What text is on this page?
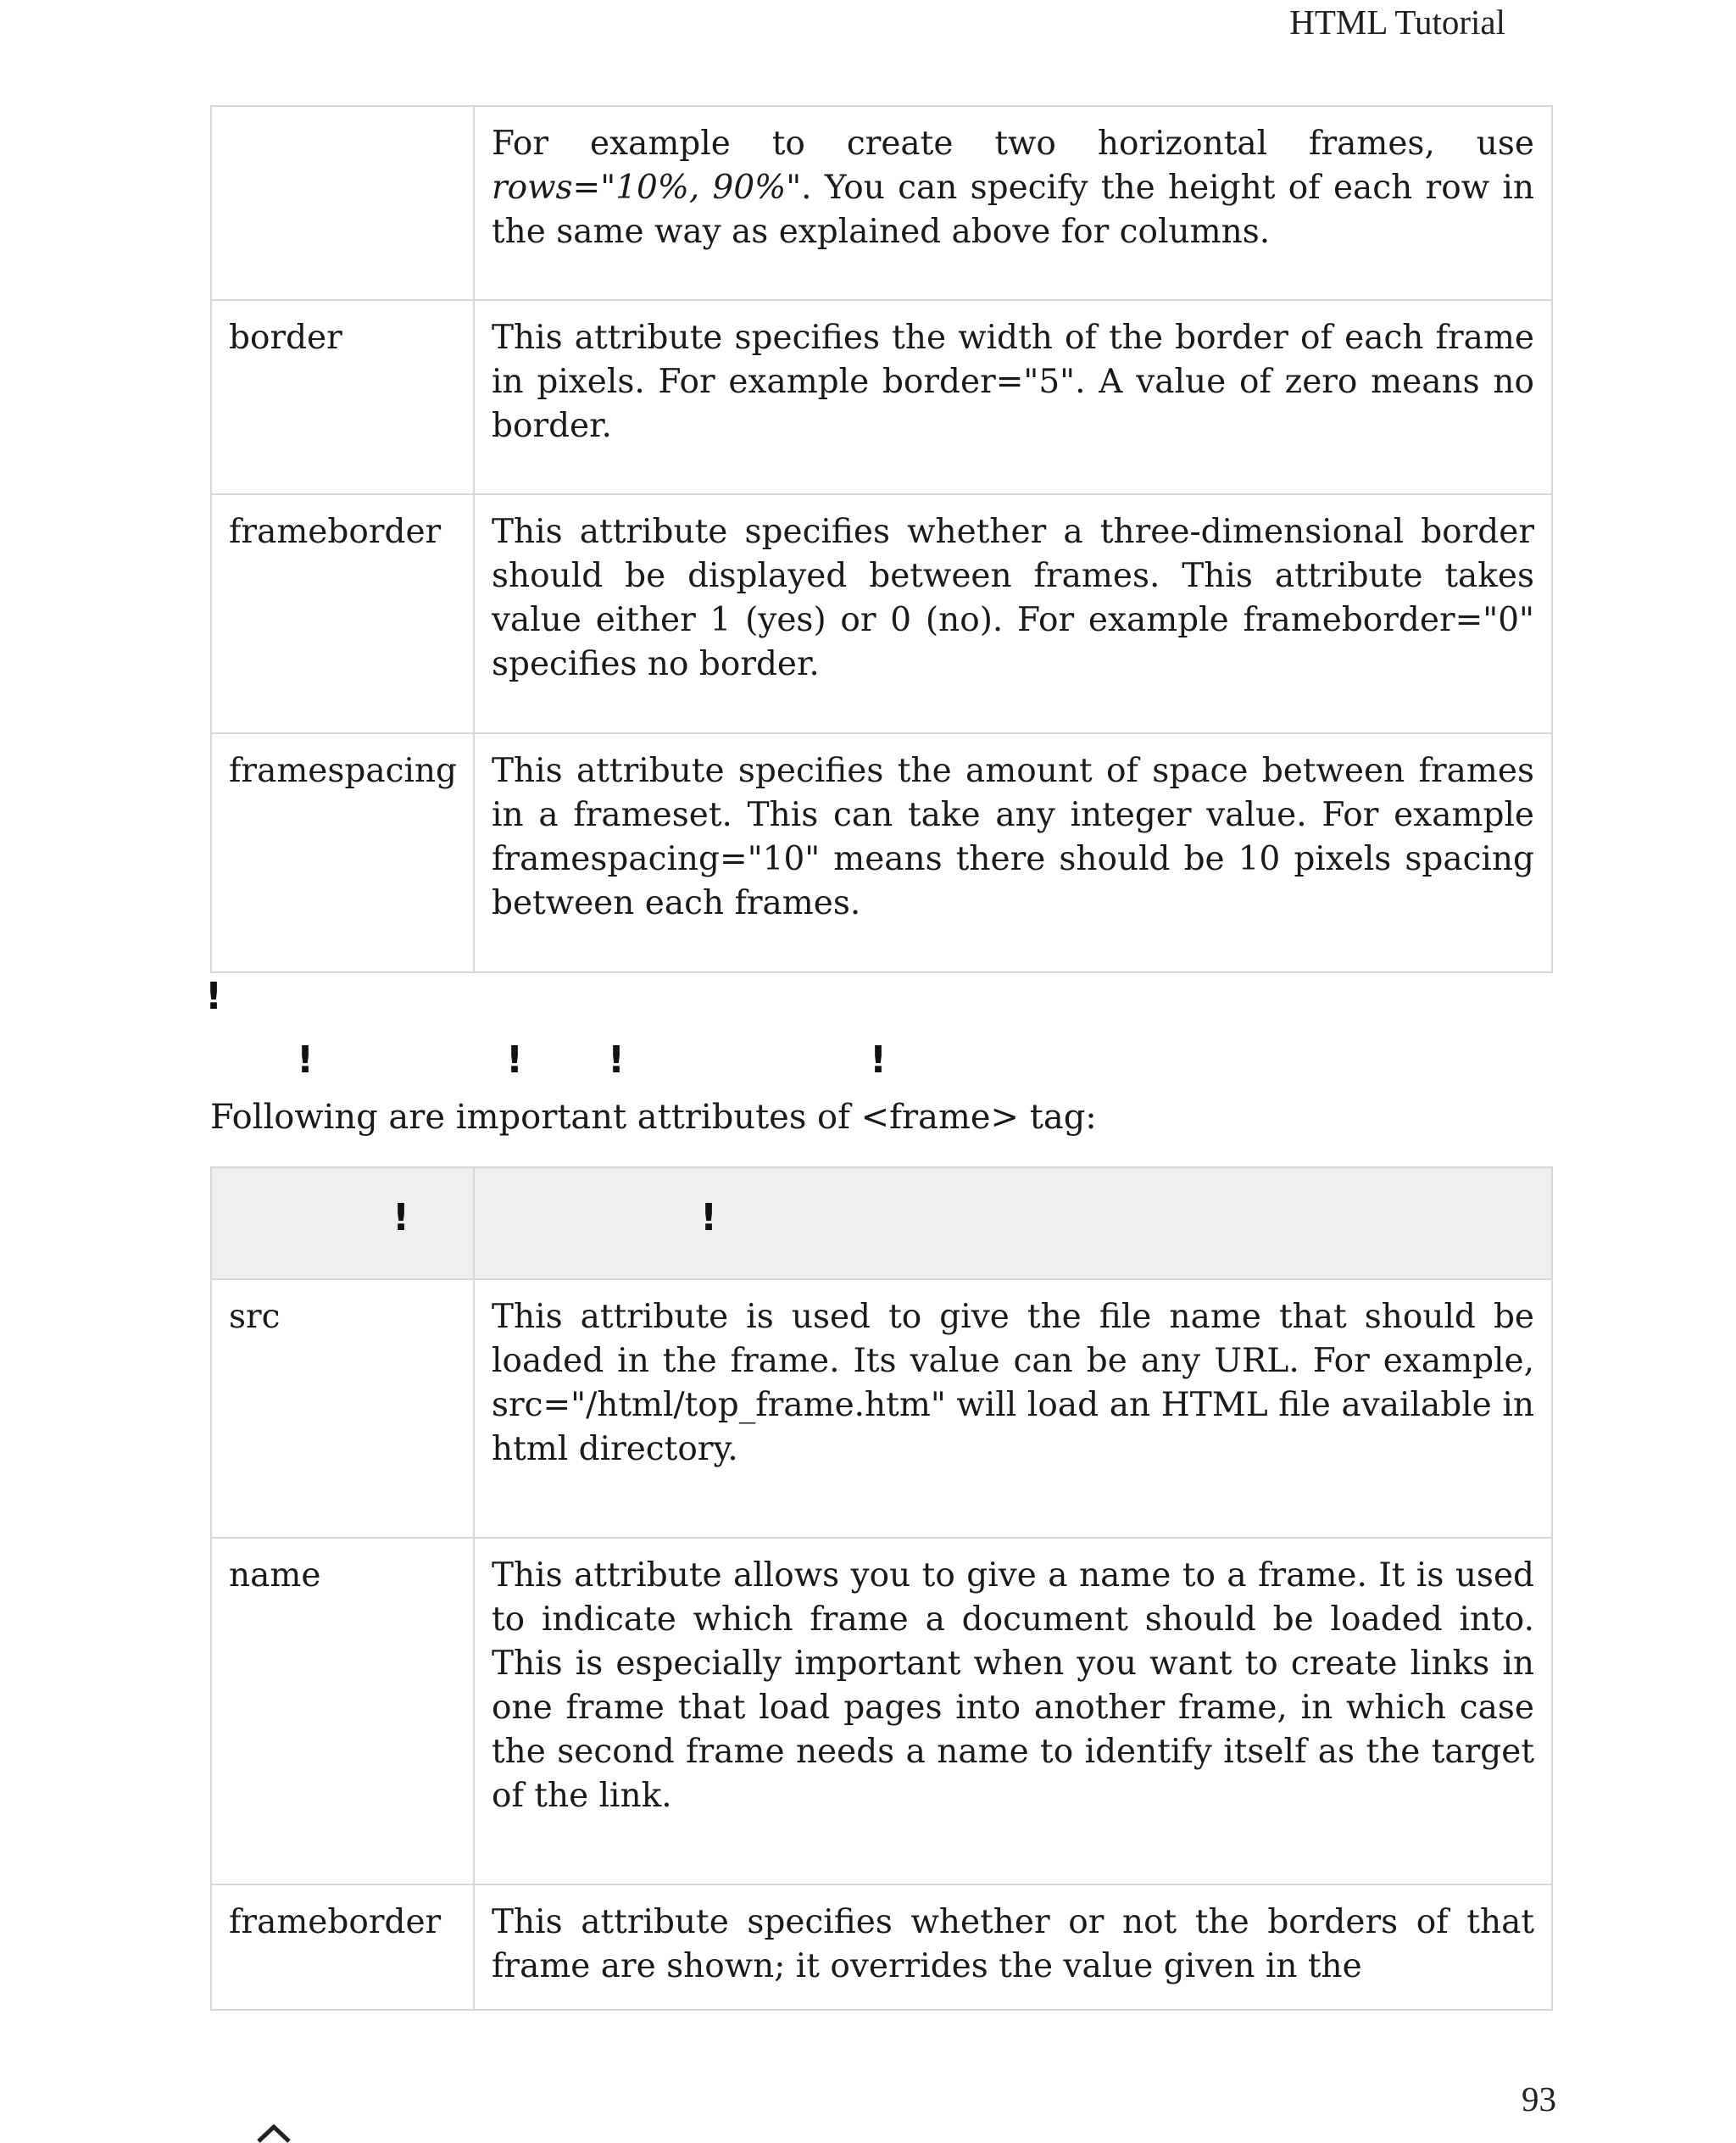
HTML Tutorial

	For example to create two horizontal frames, use rows="10%, 90%". You can specify the height of each row in the same way as explained above for columns.

border	This attribute specifies the width of the border of each frame in pixels. For example border="5". A value of zero means no border.
frameborder	This attribute specifies whether a three-dimensional border should be displayed between frames. This attribute takes value either 1 (yes) or 0 (no). For example frameborder="0" specifies no border.
framespacing	This attribute specifies the amount of space between frames in a frameset. This can take any integer value. For example framespacing="10" means there should be 10 pixels spacing between each frames.
!
!	! !	!
Following are important attributes of <frame> tag:
!	!

src	This attribute is used to give the file name that should be loaded in the frame. Its value can be any URL. For example, src="/html/top_frame.htm" will load an HTML file available in html directory.
name	This attribute allows you to give a name to a frame. It is used to indicate which frame a document should be loaded into. This is especially important when you want to create links in one frame that load pages into another frame, in which case the second frame needs a name to identify itself as the target of the link.
frameborder	This attribute specifies whether or not the borders of that frame are shown; it overrides the value given in the
93
